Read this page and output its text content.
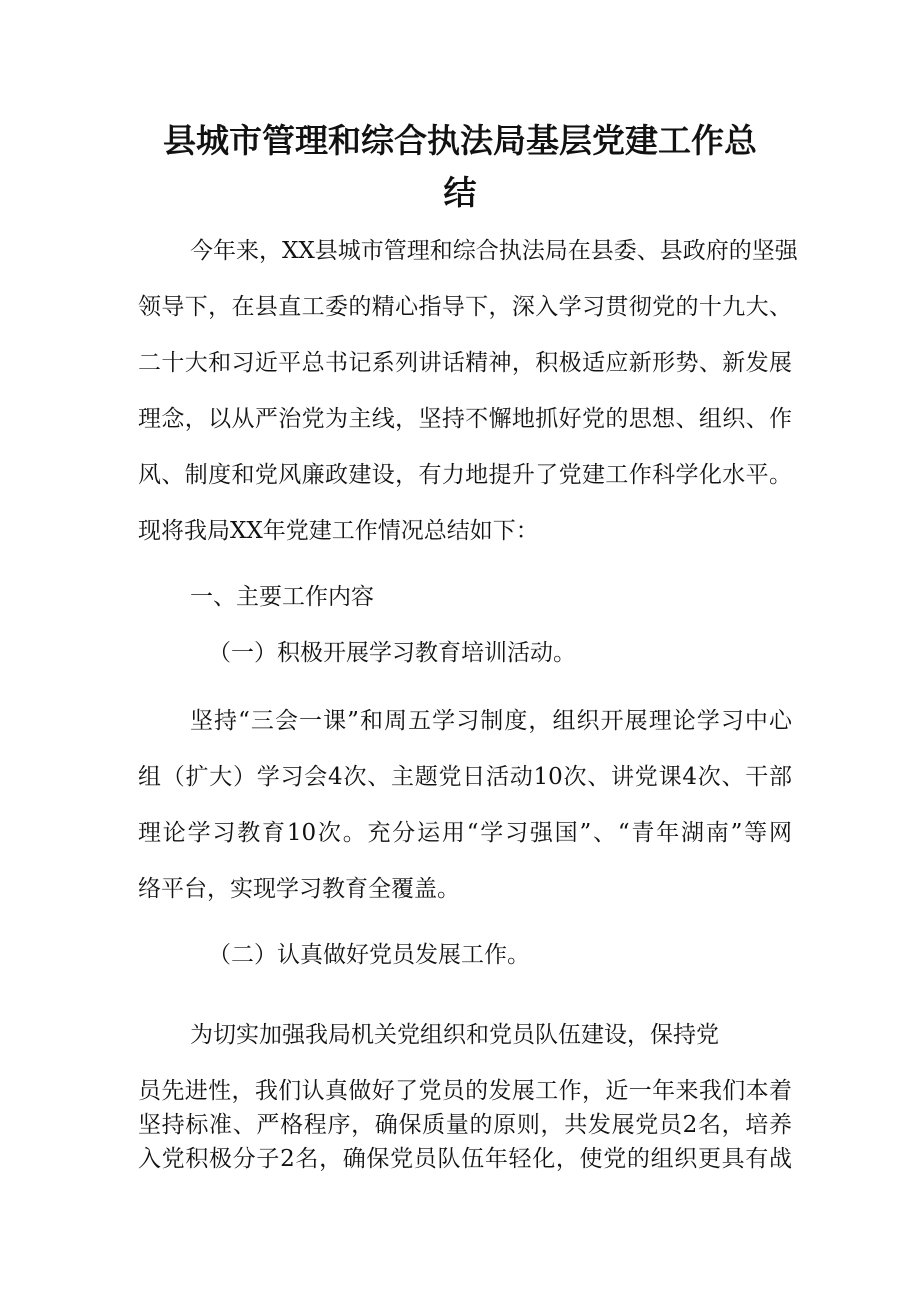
县城市管理和综合执法局基层党建工作总
结

今年来，XX县城市管理和综合执法局在县委、县政府的坚强

领导下，在县直工委的精心指导下，深入学习贯彻党的十九大、

二十大和习近平总书记系列讲话精神，积极适应新形势、新发展

理念，以从严治党为主线，坚持不懈地抓好党的思想、组织、作

风、制度和党风廉政建设，有力地提升了党建工作科学化水平。

现将我局XX年党建工作情况总结如下：

一、主要工作内容

（一）积极开展学习教育培训活动。

坚持“三会一课”和周五学习制度，组织开展理论学习中心

组（扩大）学习会4次、主题党日活动10次、讲党课4次、干部

理论学习教育10次。充分运用“学习强国”、“青年湖南”等网

络平台，实现学习教育全覆盖。

（二）认真做好党员发展工作。

为切实加强我局机关党组织和党员队伍建设，保持党

员先进性，我们认真做好了党员的发展工作，近一年来我们本着

坚持标准、严格程序，确保质量的原则，共发展党员2名，培养

入党积极分子2名，确保党员队伍年轻化，使党的组织更具有战
